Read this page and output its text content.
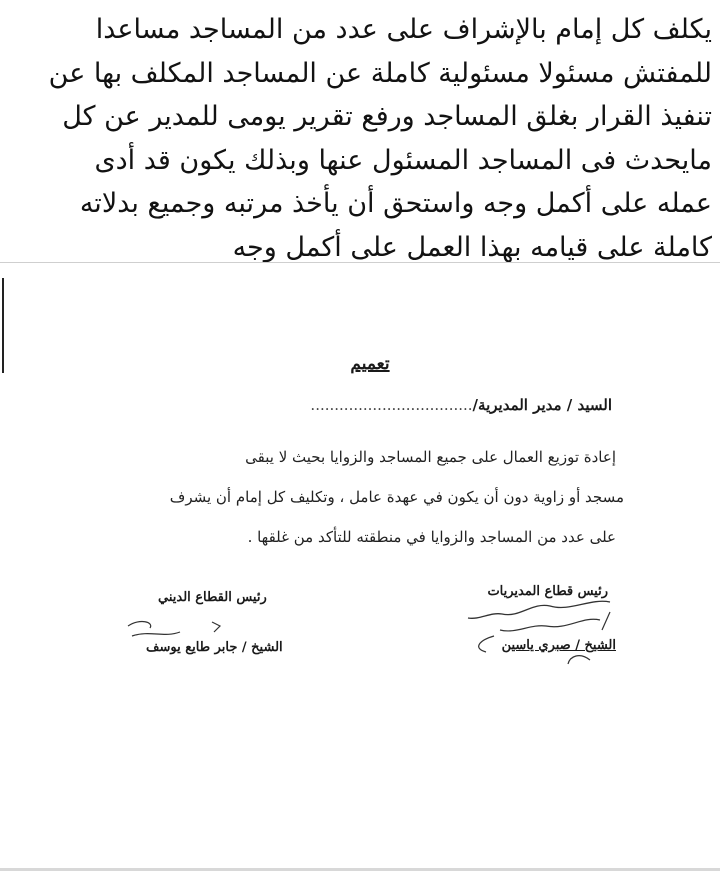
يكلف كل إمام بالإشراف على عدد من المساجد مساعدا
للمفتش مسئولا مسئولية كاملة عن المساجد المكلف بها عن
تنفيذ القرار بغلق المساجد ورفع تقرير يومى للمدير عن كل
مايحدث فى المساجد المسئول عنها وبذلك يكون قد أدى
عمله على أكمل وجه واستحق أن يأخذ مرتبه وجميع بدلاته
كاملة على قيامه بهذا العمل على أكمل وجه
تعميم
السيد / مدير المديرية/..................................
إعادة توزيع العمال على جميع المساجد والزوايا بحيث لا يبقى
مسجد أو زاوية دون أن يكون في عهدة عامل ، وتكليف كل إمام أن يشرف
على عدد من المساجد والزوايا في منطقته للتأكد من غلقها .
رئيس قطاع المديريات
الشيخ / صبري ياسين
رئيس القطاع الديني
الشيخ / جابر طايع يوسف
